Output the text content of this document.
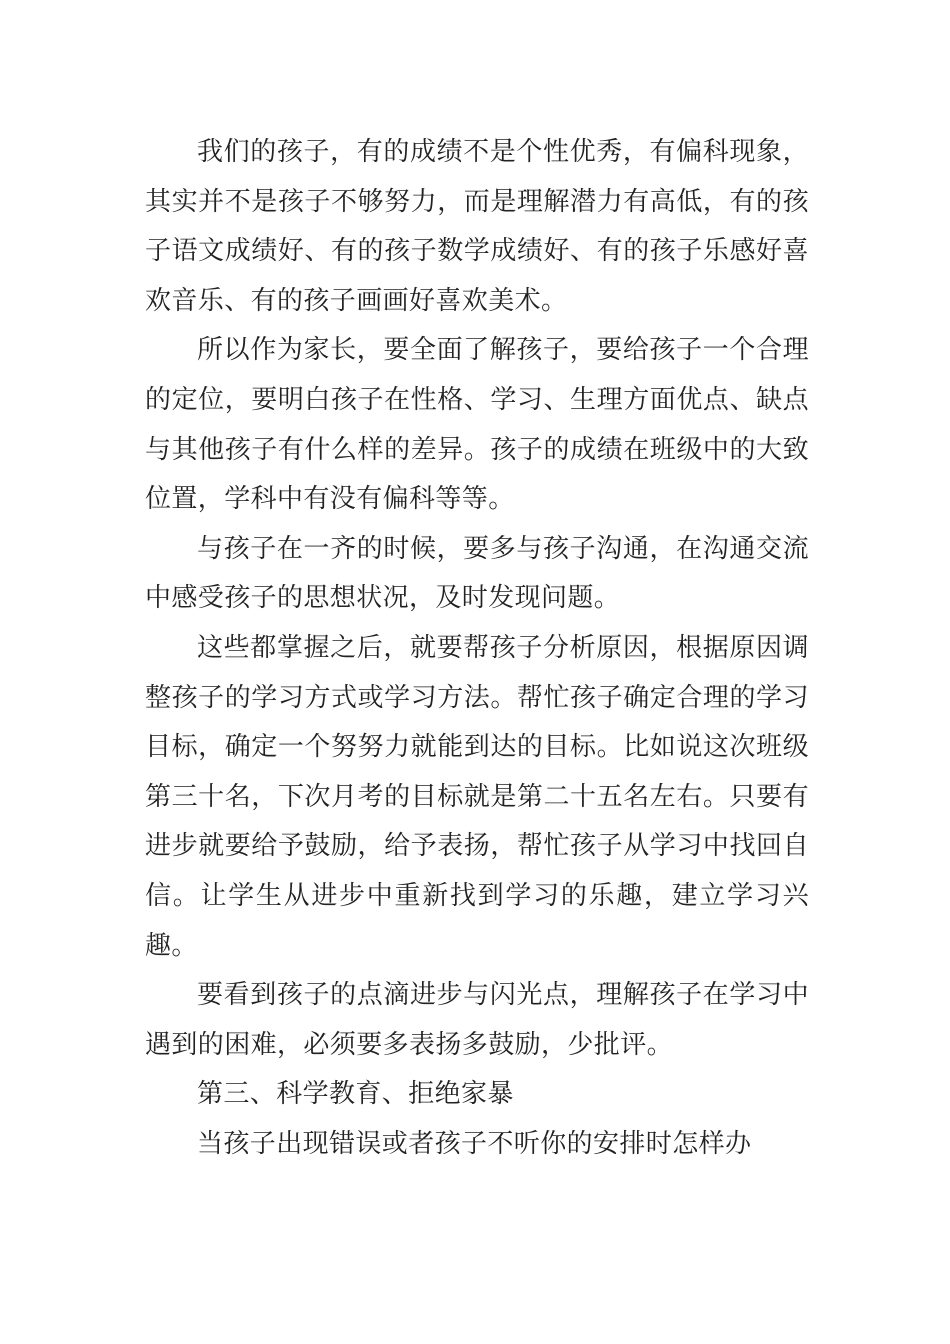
我们的孩子，有的成绩不是个性优秀，有偏科现象，其实并不是孩子不够努力，而是理解潜力有高低，有的孩子语文成绩好、有的孩子数学成绩好、有的孩子乐感好喜欢音乐、有的孩子画画好喜欢美术。

所以作为家长，要全面了解孩子，要给孩子一个合理的定位，要明白孩子在性格、学习、生理方面优点、缺点与其他孩子有什么样的差异。孩子的成绩在班级中的大致位置，学科中有没有偏科等等。

与孩子在一齐的时候，要多与孩子沟通，在沟通交流中感受孩子的思想状况，及时发现问题。

这些都掌握之后，就要帮孩子分析原因，根据原因调整孩子的学习方式或学习方法。帮忙孩子确定合理的学习目标，确定一个努努力就能到达的目标。比如说这次班级第三十名，下次月考的目标就是第二十五名左右。只要有进步就要给予鼓励，给予表扬，帮忙孩子从学习中找回自信。让学生从进步中重新找到学习的乐趣，建立学习兴趣。

要看到孩子的点滴进步与闪光点，理解孩子在学习中遇到的困难，必须要多表扬多鼓励，少批评。

第三、科学教育、拒绝家暴

当孩子出现错误或者孩子不听你的安排时怎样办
